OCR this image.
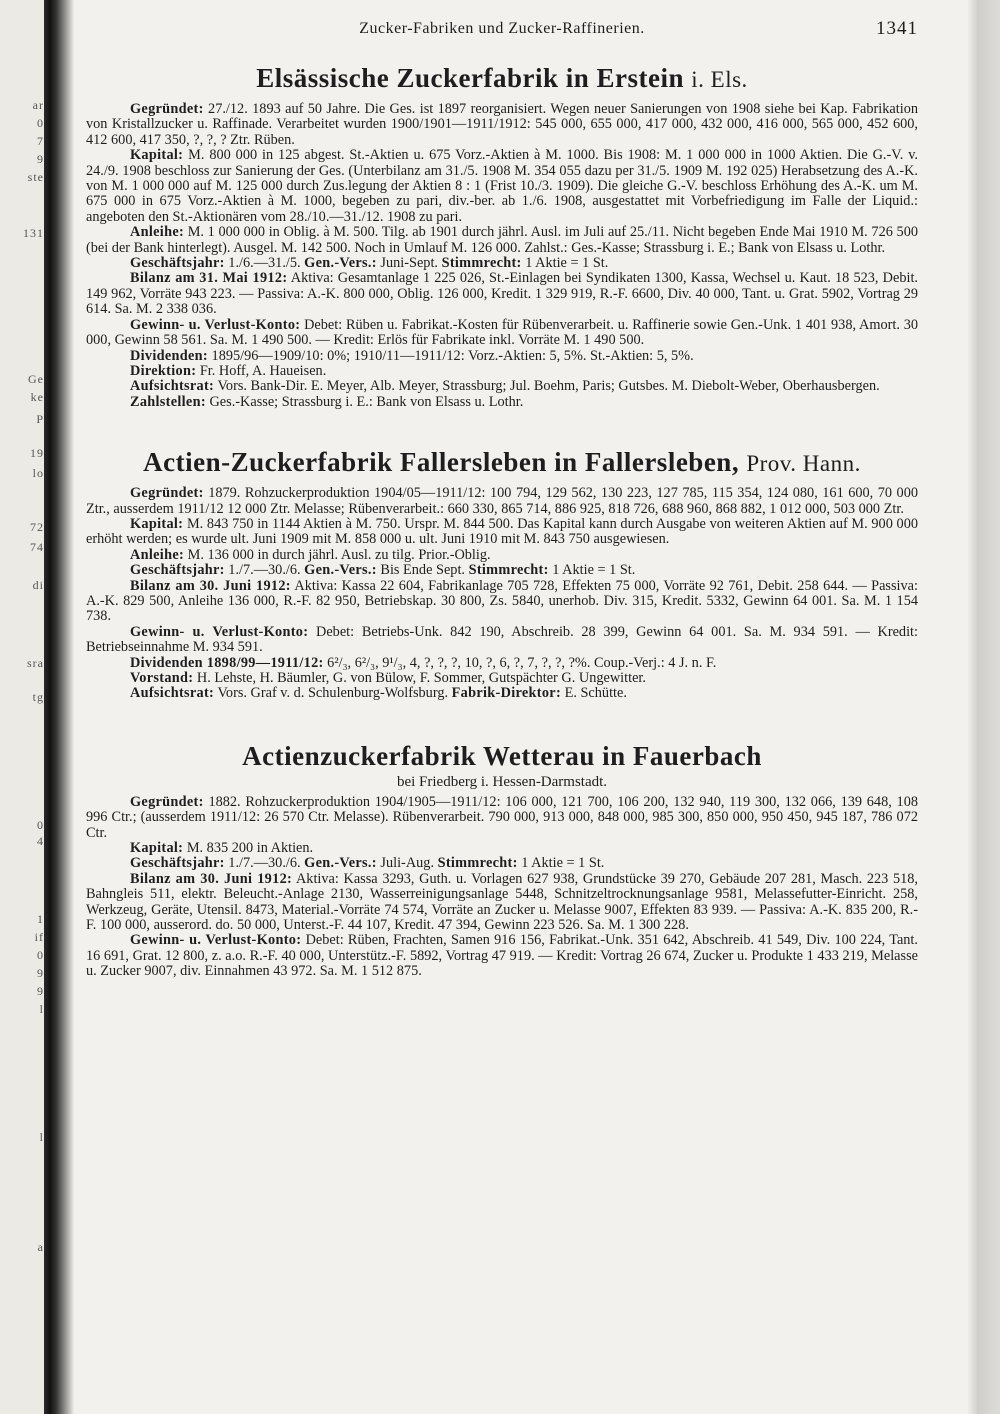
ar
0
7
9
ste
131
Ge
ke
P
19
lo
72
74
di
sra
tg
0
4
1
if
0
9
9
l
l
a
Zucker-Fabriken und Zucker-Raffinerien.	1341
Elsässische Zuckerfabrik in Erstein i. Els.

Gegründet: 27./12. 1893 auf 50 Jahre. Die Ges. ist 1897 reorganisiert. Wegen neuer Sanierungen von 1908 siehe bei Kap. Fabrikation von Kristallzucker u. Raffinade. Verarbeitet wurden 1900/1901—1911/1912: 545 000, 655 000, 417 000, 432 000, 416 000, 565 000, 452 600, 412 600, 417 350, ?, ?, ? Ztr. Rüben.

Kapital: M. 800 000 in 125 abgest. St.-Aktien u. 675 Vorz.-Aktien à M. 1000. Bis 1908: M. 1 000 000 in 1000 Aktien. Die G.-V. v. 24./9. 1908 beschloss zur Sanierung der Ges. (Unterbilanz am 31./5. 1908 M. 354 055 dazu per 31./5. 1909 M. 192 025) Herabsetzung des A.-K. von M. 1 000 000 auf M. 125 000 durch Zus.legung der Aktien 8 : 1 (Frist 10./3. 1909). Die gleiche G.-V. beschloss Erhöhung des A.-K. um M. 675 000 in 675 Vorz.-Aktien à M. 1000, begeben zu pari, div.-ber. ab 1./6. 1908, ausgestattet mit Vorbefriedigung im Falle der Liquid.: angeboten den St.-Aktionären vom 28./10.—31./12. 1908 zu pari.

Anleihe: M. 1 000 000 in Oblig. à M. 500. Tilg. ab 1901 durch jährl. Ausl. im Juli auf 25./11. Nicht begeben Ende Mai 1910 M. 726 500 (bei der Bank hinterlegt). Ausgel. M. 142 500. Noch in Umlauf M. 126 000. Zahlst.: Ges.-Kasse; Strassburg i. E.; Bank von Elsass u. Lothr.

Geschäftsjahr: 1./6.—31./5. Gen.-Vers.: Juni-Sept. Stimmrecht: 1 Aktie = 1 St.

Bilanz am 31. Mai 1912: Aktiva: Gesamtanlage 1 225 026, St.-Einlagen bei Syndikaten 1300, Kassa, Wechsel u. Kaut. 18 523, Debit. 149 962, Vorräte 943 223. — Passiva: A.-K. 800 000, Oblig. 126 000, Kredit. 1 329 919, R.-F. 6600, Div. 40 000, Tant. u. Grat. 5902, Vortrag 29 614. Sa. M. 2 338 036.

Gewinn- u. Verlust-Konto: Debet: Rüben u. Fabrikat.-Kosten für Rübenverarbeit. u. Raffinerie sowie Gen.-Unk. 1 401 938, Amort. 30 000, Gewinn 58 561. Sa. M. 1 490 500. — Kredit: Erlös für Fabrikate inkl. Vorräte M. 1 490 500.

Dividenden: 1895/96—1909/10: 0%; 1910/11—1911/12: Vorz.-Aktien: 5, 5%. St.-Aktien: 5, 5%.

Direktion: Fr. Hoff, A. Haueisen.

Aufsichtsrat: Vors. Bank-Dir. E. Meyer, Alb. Meyer, Strassburg; Jul. Boehm, Paris; Gutsbes. M. Diebolt-Weber, Oberhausbergen.

Zahlstellen: Ges.-Kasse; Strassburg i. E.: Bank von Elsass u. Lothr.

Actien-Zuckerfabrik Fallersleben in Fallersleben, Prov. Hann.

Gegründet: 1879. Rohzuckerproduktion 1904/05—1911/12: 100 794, 129 562, 130 223, 127 785, 115 354, 124 080, 161 600, 70 000 Ztr., ausserdem 1911/12 12 000 Ztr. Melasse; Rübenverarbeit.: 660 330, 865 714, 886 925, 818 726, 688 960, 868 882, 1 012 000, 503 000 Ztr.

Kapital: M. 843 750 in 1144 Aktien à M. 750. Urspr. M. 844 500. Das Kapital kann durch Ausgabe von weiteren Aktien auf M. 900 000 erhöht werden; es wurde ult. Juni 1909 mit M. 858 000 u. ult. Juni 1910 mit M. 843 750 ausgewiesen.

Anleihe: M. 136 000 in durch jährl. Ausl. zu tilg. Prior.-Oblig.

Geschäftsjahr: 1./7.—30./6. Gen.-Vers.: Bis Ende Sept. Stimmrecht: 1 Aktie = 1 St.

Bilanz am 30. Juni 1912: Aktiva: Kassa 22 604, Fabrikanlage 705 728, Effekten 75 000, Vorräte 92 761, Debit. 258 644. — Passiva: A.-K. 829 500, Anleihe 136 000, R.-F. 82 950, Betriebskap. 30 800, Zs. 5840, unerhob. Div. 315, Kredit. 5332, Gewinn 64 001. Sa. M. 1 154 738.

Gewinn- u. Verlust-Konto: Debet: Betriebs-Unk. 842 190, Abschreib. 28 399, Gewinn 64 001. Sa. M. 934 591. — Kredit: Betriebseinnahme M. 934 591.

Dividenden 1898/99—1911/12: 6²/₃, 6²/₃, 9¹/₃, 4, ?, ?, ?, 10, ?, 6, ?, 7, ?, ?, ?%. Coup.-Verj.: 4 J. n. F.

Vorstand: H. Lehste, H. Bäumler, G. von Bülow, F. Sommer, Gutspächter G. Ungewitter.

Aufsichtsrat: Vors. Graf v. d. Schulenburg-Wolfsburg. Fabrik-Direktor: E. Schütte.

Actienzuckerfabrik Wetterau in Fauerbach
bei Friedberg i. Hessen-Darmstadt.

Gegründet: 1882. Rohzuckerproduktion 1904/1905—1911/12: 106 000, 121 700, 106 200, 132 940, 119 300, 132 066, 139 648, 108 996 Ctr.; (ausserdem 1911/12: 26 570 Ctr. Melasse). Rübenverarbeit. 790 000, 913 000, 848 000, 985 300, 850 000, 950 450, 945 187, 786 072 Ctr.

Kapital: M. 835 200 in Aktien.

Geschäftsjahr: 1./7.—30./6. Gen.-Vers.: Juli-Aug. Stimmrecht: 1 Aktie = 1 St.

Bilanz am 30. Juni 1912: Aktiva: Kassa 3293, Guth. u. Vorlagen 627 938, Grundstücke 39 270, Gebäude 207 281, Masch. 223 518, Bahngleis 511, elektr. Beleucht.-Anlage 2130, Wasserreinigungsanlage 5448, Schnitzeltrocknungsanlage 9581, Melassefutter-Einricht. 258, Werkzeug, Geräte, Utensil. 8473, Material.-Vorräte 74 574, Vorräte an Zucker u. Melasse 9007, Effekten 83 939. — Passiva: A.-K. 835 200, R.-F. 100 000, ausserord. do. 50 000, Unterst.-F. 44 107, Kredit. 47 394, Gewinn 223 526. Sa. M. 1 300 228.

Gewinn- u. Verlust-Konto: Debet: Rüben, Frachten, Samen 916 156, Fabrikat.-Unk. 351 642, Abschreib. 41 549, Div. 100 224, Tant. 16 691, Grat. 12 800, z. a.o. R.-F. 40 000, Unterstütz.-F. 5892, Vortrag 47 919. — Kredit: Vortrag 26 674, Zucker u. Produkte 1 433 219, Melasse u. Zucker 9007, div. Einnahmen 43 972. Sa. M. 1 512 875.
